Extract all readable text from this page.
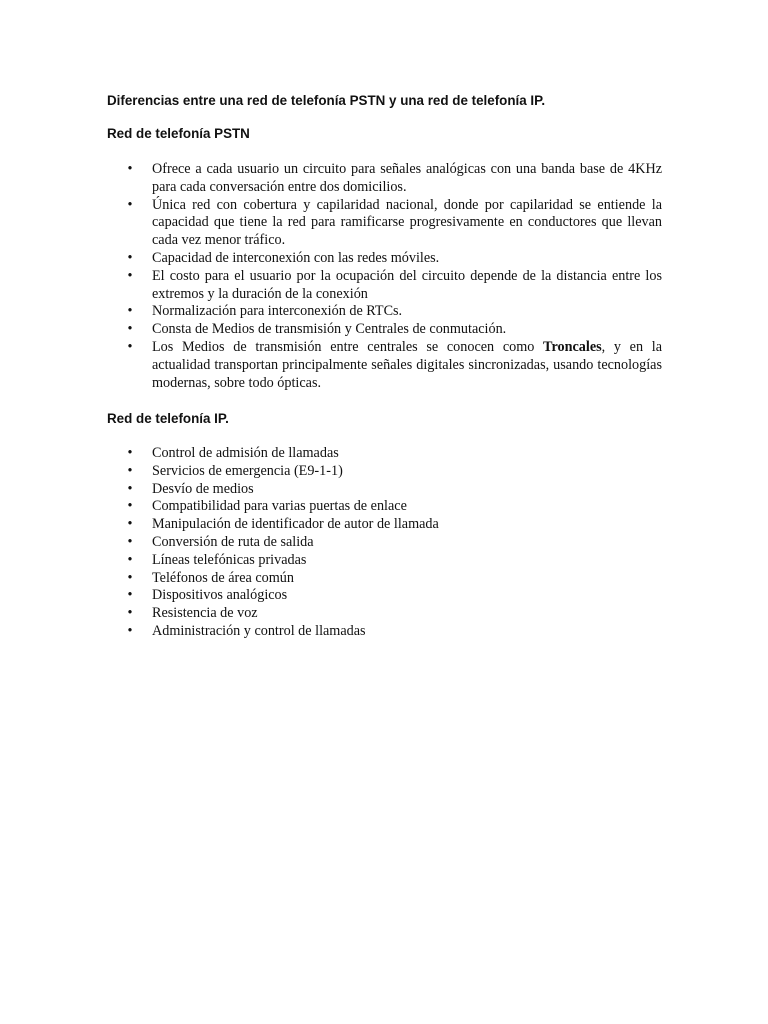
Diferencias entre una red de telefonía PSTN y una red de telefonía IP.
Red de telefonía PSTN
• Ofrece a cada usuario un circuito para señales analógicas con una banda base de 4KHz para cada conversación entre dos domicilios.
• Única red con cobertura y capilaridad nacional, donde por capilaridad se entiende la capacidad que tiene la red para ramificarse progresivamente en conductores que llevan cada vez menor tráfico.
• Capacidad de interconexión con las redes móviles.
• El costo para el usuario por la ocupación del circuito depende de la distancia entre los extremos y la duración de la conexión
• Normalización para interconexión de RTCs.
• Consta de Medios de transmisión y Centrales de conmutación.
• Los Medios de transmisión entre centrales se conocen como Troncales, y en la actualidad transportan principalmente señales digitales sincronizadas, usando tecnologías modernas, sobre todo ópticas.
Red de telefonía IP.
• Control de admisión de llamadas
• Servicios de emergencia (E9-1-1)
• Desvío de medios
• Compatibilidad para varias puertas de enlace
• Manipulación de identificador de autor de llamada
• Conversión de ruta de salida
• Líneas telefónicas privadas
• Teléfonos de área común
• Dispositivos analógicos
• Resistencia de voz
• Administración y control de llamadas
